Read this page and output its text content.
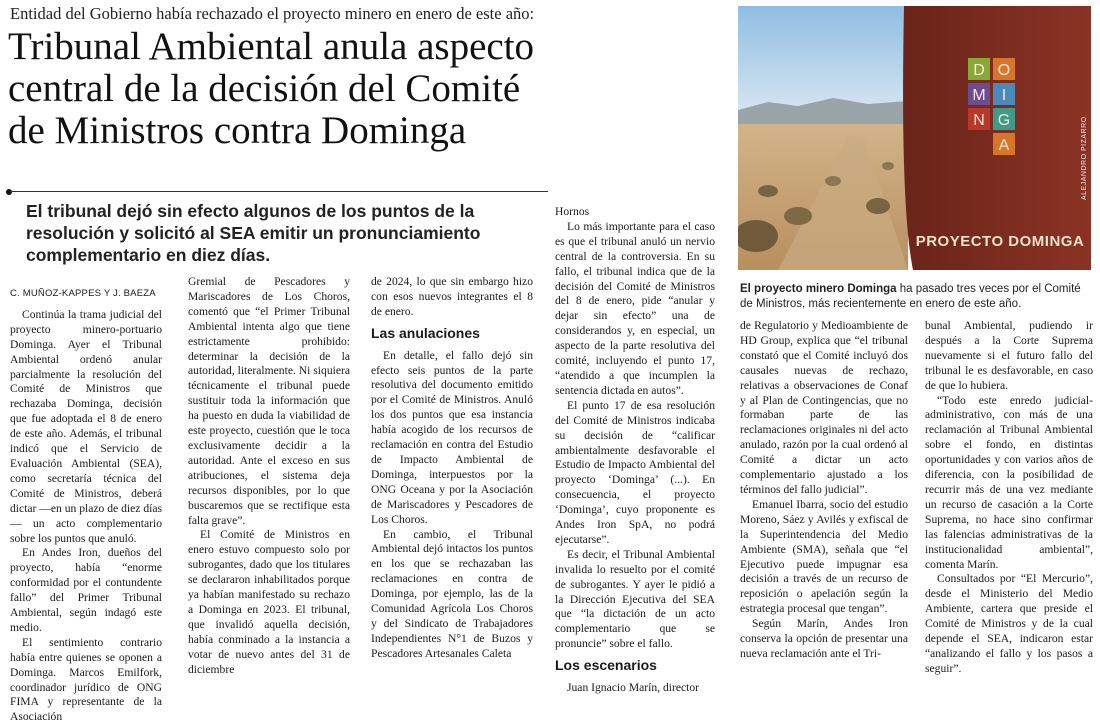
Entidad del Gobierno había rechazado el proyecto minero en enero de este año:
Tribunal Ambiental anula aspecto
central de la decisión del Comité
de Ministros contra Dominga
El tribunal dejó sin efecto algunos de los puntos de la resolución y solicitó al SEA emitir un pronunciamiento complementario en diez días.

C. MUÑOZ-KAPPES Y J. BAEZA

Continúa la trama judicial del proyecto minero-portuario Dominga. Ayer el Tribunal Ambiental ordenó anular parcialmente la resolución del Comité de Ministros que rechazaba Dominga, decisión que fue adoptada el 8 de enero de este año. Además, el tribunal indicó que el Servicio de Evaluación Ambiental (SEA), como secretaría técnica del Comité de Ministros, deberá dictar —en un plazo de diez días— un acto complementario sobre los puntos que anuló.

En Andes Iron, dueños del proyecto, había “enorme conformidad por el contundente fallo” del Primer Tribunal Ambiental, según indagó este medio.

El sentimiento contrario había entre quienes se oponen a Dominga. Marcos Emilfork, coordinador jurídico de ONG FIMA y representante de la Asociación

Gremial de Pescadores y Mariscadores de Los Choros, comentó que “el Primer Tribunal Ambiental intenta algo que tiene estrictamente prohibido: determinar la decisión de la autoridad, literalmente. Ni siquiera técnicamente el tribunal puede sustituir toda la información que ha puesto en duda la viabilidad de este proyecto, cuestión que le toca exclusivamente decidir a la autoridad. Ante el exceso en sus atribuciones, el sistema deja recursos disponibles, por lo que buscaremos que se rectifique esta falta grave”.

El Comité de Ministros en enero estuvo compuesto solo por subrogantes, dado que los titulares se declararon inhabilitados porque ya habían manifestado su rechazo a Dominga en 2023. El tribunal, que invalidó aquella decisión, había conminado a la instancia a votar de nuevo antes del 31 de diciembre

de 2024, lo que sin embargo hizo con esos nuevos integrantes el 8 de enero.

Las anulaciones

En detalle, el fallo dejó sin efecto seis puntos de la parte resolutiva del documento emitido por el Comité de Ministros. Anuló los dos puntos que esa instancia había acogido de los recursos de reclamación en contra del Estudio de Impacto Ambiental de Dominga, interpuestos por la ONG Oceana y por la Asociación de Mariscadores y Pescadores de Los Choros.

En cambio, el Tribunal Ambiental dejó intactos los puntos en los que se rechazaban las reclamaciones en contra de Dominga, por ejemplo, las de la Comunidad Agrícola Los Choros y del Sindicato de Trabajadores Independientes N°1 de Buzos y Pescadores Artesanales Caleta

Hornos

Lo más importante para el caso es que el tribunal anuló un nervio central de la controversia. En su fallo, el tribunal indica que de la decisión del Comité de Ministros del 8 de enero, pide “anular y dejar sin efecto” una de considerandos y, en especial, un aspecto de la parte resolutiva del comité, incluyendo el punto 17, “atendido a que incumplen la sentencia dictada en autos”.

El punto 17 de esa resolución del Comité de Ministros indicaba su decisión de “calificar ambientalmente desfavorable el Estudio de Impacto Ambiental del proyecto ‘Dominga’ (...). En consecuencia, el proyecto ‘Dominga’, cuyo proponente es Andes Iron SpA, no podrá ejecutarse”.

Es decir, el Tribunal Ambiental invalida lo resuelto por el comité de subrogantes. Y ayer le pidió a la Dirección Ejecutiva del SEA que “la dictación de un acto complementario que se pronuncie” sobre el fallo.

Los escenarios

Juan Ignacio Marín, director

de Regulatorio y Medioambiente de HD Group, explica que “el tribunal constató que el Comité incluyó dos causales nuevas de rechazo, relativas a observaciones de Conaf y al Plan de Contingencias, que no formaban parte de las reclamaciones originales ni del acto anulado, razón por la cual ordenó al Comité a dictar un acto complementario ajustado a los términos del fallo judicial”.

Emanuel Ibarra, socio del estudio Moreno, Sáez y Avilés y exfiscal de la Superintendencia del Medio Ambiente (SMA), señala que “el Ejecutivo puede impugnar esa decisión a través de un recurso de reposición o apelación según la estrategia procesal que tengan”.

Según Marín, Andes Iron conserva la opción de presentar una nueva reclamación ante el Tri-

bunal Ambiental, pudiendo ir después a la Corte Suprema nuevamente si el futuro fallo del tribunal le es desfavorable, en caso de que lo hubiera.

“Todo este enredo judicial-administrativo, con más de una reclamación al Tribunal Ambiental sobre el fondo, en distintas oportunidades y con varios años de diferencia, con la posibilidad de recurrir más de una vez mediante un recurso de casación a la Corte Suprema, no hace sino confirmar las falencias administrativas de la institucionalidad ambiental”, comenta Marín.

Consultados por “El Mercurio”, desde el Ministerio del Medio Ambiente, cartera que preside el Comité de Ministros y de la cual depende el SEA, indicaron estar “analizando el fallo y los pasos a seguir”.

D O
M I
N G
A
PROYECTO DOMINGA
ALEJANDRO PIZARRO
El proyecto minero Dominga ha pasado tres veces por el Comité de Ministros, más recientemente en enero de este año.
